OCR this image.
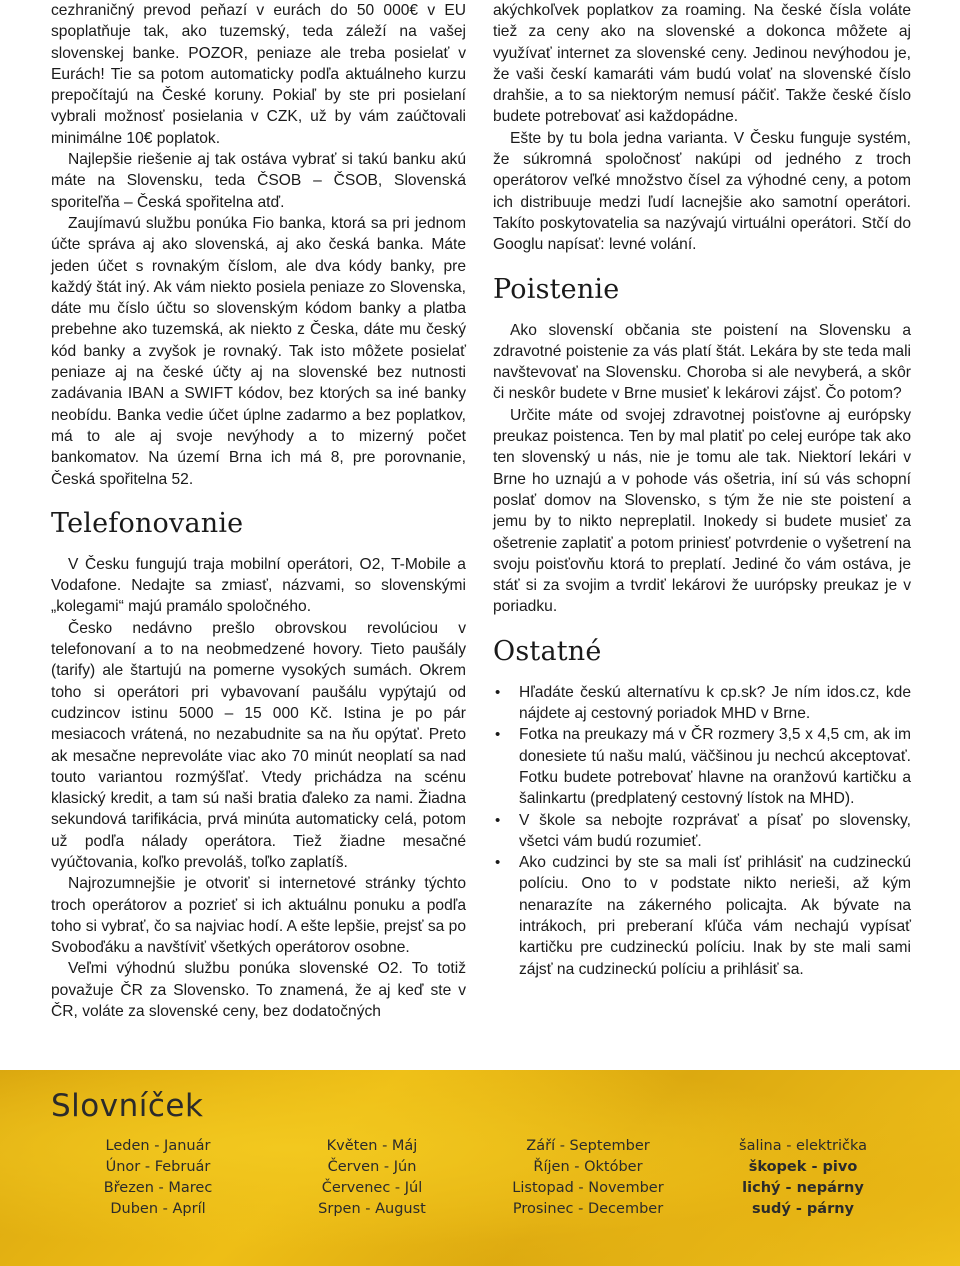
cezhraničný prevod peňazí v eurách do 50 000€ v EU spoplatňuje tak, ako tuzemský, teda záleží na vašej slovenskej banke. POZOR, peniaze ale treba posielať v Eurách! Tie sa potom automaticky podľa aktuálneho kurzu prepočítajú na České koruny. Pokiaľ by ste pri posielaní vybrali možnosť posielania v CZK, už by vám zaúčtovali minimálne 10€ poplatok.

Najlepšie riešenie aj tak ostáva vybrať si takú banku akú máte na Slovensku, teda ČSOB – ČSOB, Slovenská sporiteľňa – Česká spořitelna atď.

Zaujímavú službu ponúka Fio banka, ktorá sa pri jednom účte správa aj ako slovenská, aj ako česká banka. Máte jeden účet s rovnakým číslom, ale dva kódy banky, pre každý štát iný. Ak vám niekto posiela peniaze zo Slovenska, dáte mu číslo účtu so slovenským kódom banky a platba prebehne ako tuzemská, ak niekto z Česka, dáte mu český kód banky a zvyšok je rovnaký. Tak isto môžete posielať peniaze aj na české účty aj na slovenské bez nutnosti zadávania IBAN a SWIFT kódov, bez ktorých sa iné banky neobídu. Banka vedie účet úplne zadarmo a bez poplatkov, má to ale aj svoje nevýhody a to mizerný počet bankomatov. Na území Brna ich má 8, pre porovnanie, Česká spořitelna 52.

Telefonovanie

V Česku fungujú traja mobilní operátori, O2, T-Mobile a Vodafone. Nedajte sa zmiasť, názvami, so slovenskými „kolegami“ majú pramálo spoločného.

Česko nedávno prešlo obrovskou revolúciou v telefonovaní a to na neobmedzené hovory. Tieto paušály (tarify) ale štartujú na pomerne vysokých sumách. Okrem toho si operátori pri vybavovaní paušálu vypýtajú od cudzincov istinu 5000 – 15 000 Kč. Istina je po pár mesiacoch vrátená, no nezabudnite sa na ňu opýtať. Preto ak mesačne neprevoláte viac ako 70 minút neoplatí sa nad touto variantou rozmýšľať. Vtedy prichádza na scénu klasický kredit, a tam sú naši bratia ďaleko za nami. Žiadna sekundová tarifikácia, prvá minúta automaticky celá, potom už podľa nálady operátora. Tiež žiadne mesačné vyúčtovania, koľko prevoláš, toľko zaplatíš.

Najrozumnejšie je otvoriť si internetové stránky týchto troch operátorov a pozrieť si ich aktuálnu ponuku a podľa toho si vybrať, čo sa najviac hodí. A ešte lepšie, prejsť sa po Svoboďáku a navštíviť všetkých operátorov osobne.

Veľmi výhodnú službu ponúka slovenské O2. To totiž považuje ČR za Slovensko. To znamená, že aj keď ste v ČR, voláte za slovenské ceny, bez dodatočných

akýchkoľvek poplatkov za roaming. Na české čísla voláte tiež za ceny ako na slovenské a dokonca môžete aj využívať internet za slovenské ceny. Jedinou nevýhodou je, že vaši českí kamaráti vám budú volať na slovenské číslo drahšie, a to sa niektorým nemusí páčiť. Takže české číslo budete potrebovať asi každopádne.

Ešte by tu bola jedna varianta. V Česku funguje systém, že súkromná spoločnosť nakúpi od jedného z troch operátorov veľké množstvo čísel za výhodné ceny, a potom ich distribuuje medzi ľudí lacnejšie ako samotní operátori. Takíto poskytovatelia sa nazývajú virtuálni operátori. Stčí do Googlu napísať: levné volání.

Poistenie

Ako slovenskí občania ste poistení na Slovensku a zdravotné poistenie za vás platí štát. Lekára by ste teda mali navštevovať na Slovensku. Choroba si ale nevyberá, a skôr či neskôr budete v Brne musieť k lekárovi zájsť. Čo potom?

Určite máte od svojej zdravotnej poisťovne aj európsky preukaz poistenca. Ten by mal platiť po celej európe tak ako ten slovenský u nás, nie je tomu ale tak. Niektorí lekári v Brne ho uznajú a v pohode vás ošetria, iní sú vás schopní poslať domov na Slovensko, s tým že nie ste poistení a jemu by to nikto nepreplatil. Inokedy si budete musieť za ošetrenie zaplatiť a potom priniesť potvrdenie o vyšetrení na svoju poisťovňu ktorá to preplatí. Jediné čo vám ostáva, je stáť si za svojim a tvrdiť lekárovi že uurópsky preukaz je v poriadku.

Ostatné
• Hľadáte českú alternatívu k cp.sk? Je ním idos.cz, kde nájdete aj cestovný poriadok MHD v Brne.
• Fotka na preukazy má v ČR rozmery 3,5 x 4,5 cm, ak im donesiete tú našu malú, väčšinou ju nechcú akceptovať. Fotku budete potrebovať hlavne na oranžovú kartičku a šalinkartu (predplatený cestovný lístok na MHD).
• V škole sa nebojte rozprávať a písať po slovensky, všetci vám budú rozumieť.
• Ako cudzinci by ste sa mali ísť prihlásiť na cudzineckú políciu. Ono to v podstate nikto nerieši, až kým nenarazíte na zákerného policajta. Ak bývate na intrákoch, pri preberaní kľúča vám nechajú vypísať kartičku pre cudzineckú políciu. Inak by ste mali sami zájsť na cudzineckú políciu a prihlásiť sa.
Slovníček
Leden - Január
Únor - Február
Březen - Marec
Duben - Apríl
Květen - Máj
Červen - Jún
Červenec - Júl
Srpen - August
Září - September
Říjen - Október
Listopad - November
Prosinec - December
šalina - električka
škopek - pivo
lichý - nepárny
sudý - párny
